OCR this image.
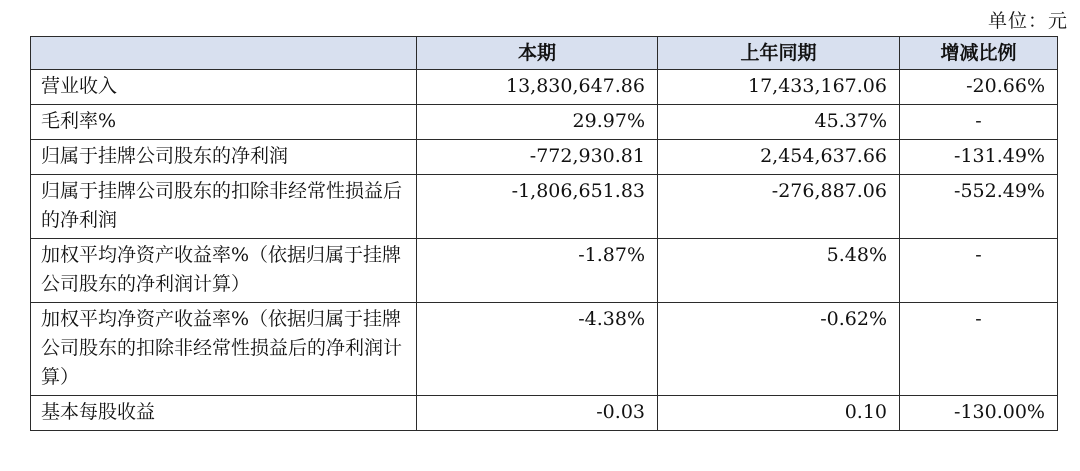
单位：元
	本期	上年同期	增减比例
营业收入	13,830,647.86	17,433,167.06	-20.66%
毛利率%	29.97%	45.37%	-
归属于挂牌公司股东的净利润	-772,930.81	2,454,637.66	-131.49%
归属于挂牌公司股东的扣除非经常性损益后的净利润	-1,806,651.83	-276,887.06	-552.49%
加权平均净资产收益率%（依据归属于挂牌公司股东的净利润计算）	-1.87%	5.48%	-
加权平均净资产收益率%（依据归属于挂牌公司股东的扣除非经常性损益后的净利润计算）	-4.38%	-0.62%	-
基本每股收益	-0.03	0.10	-130.00%
